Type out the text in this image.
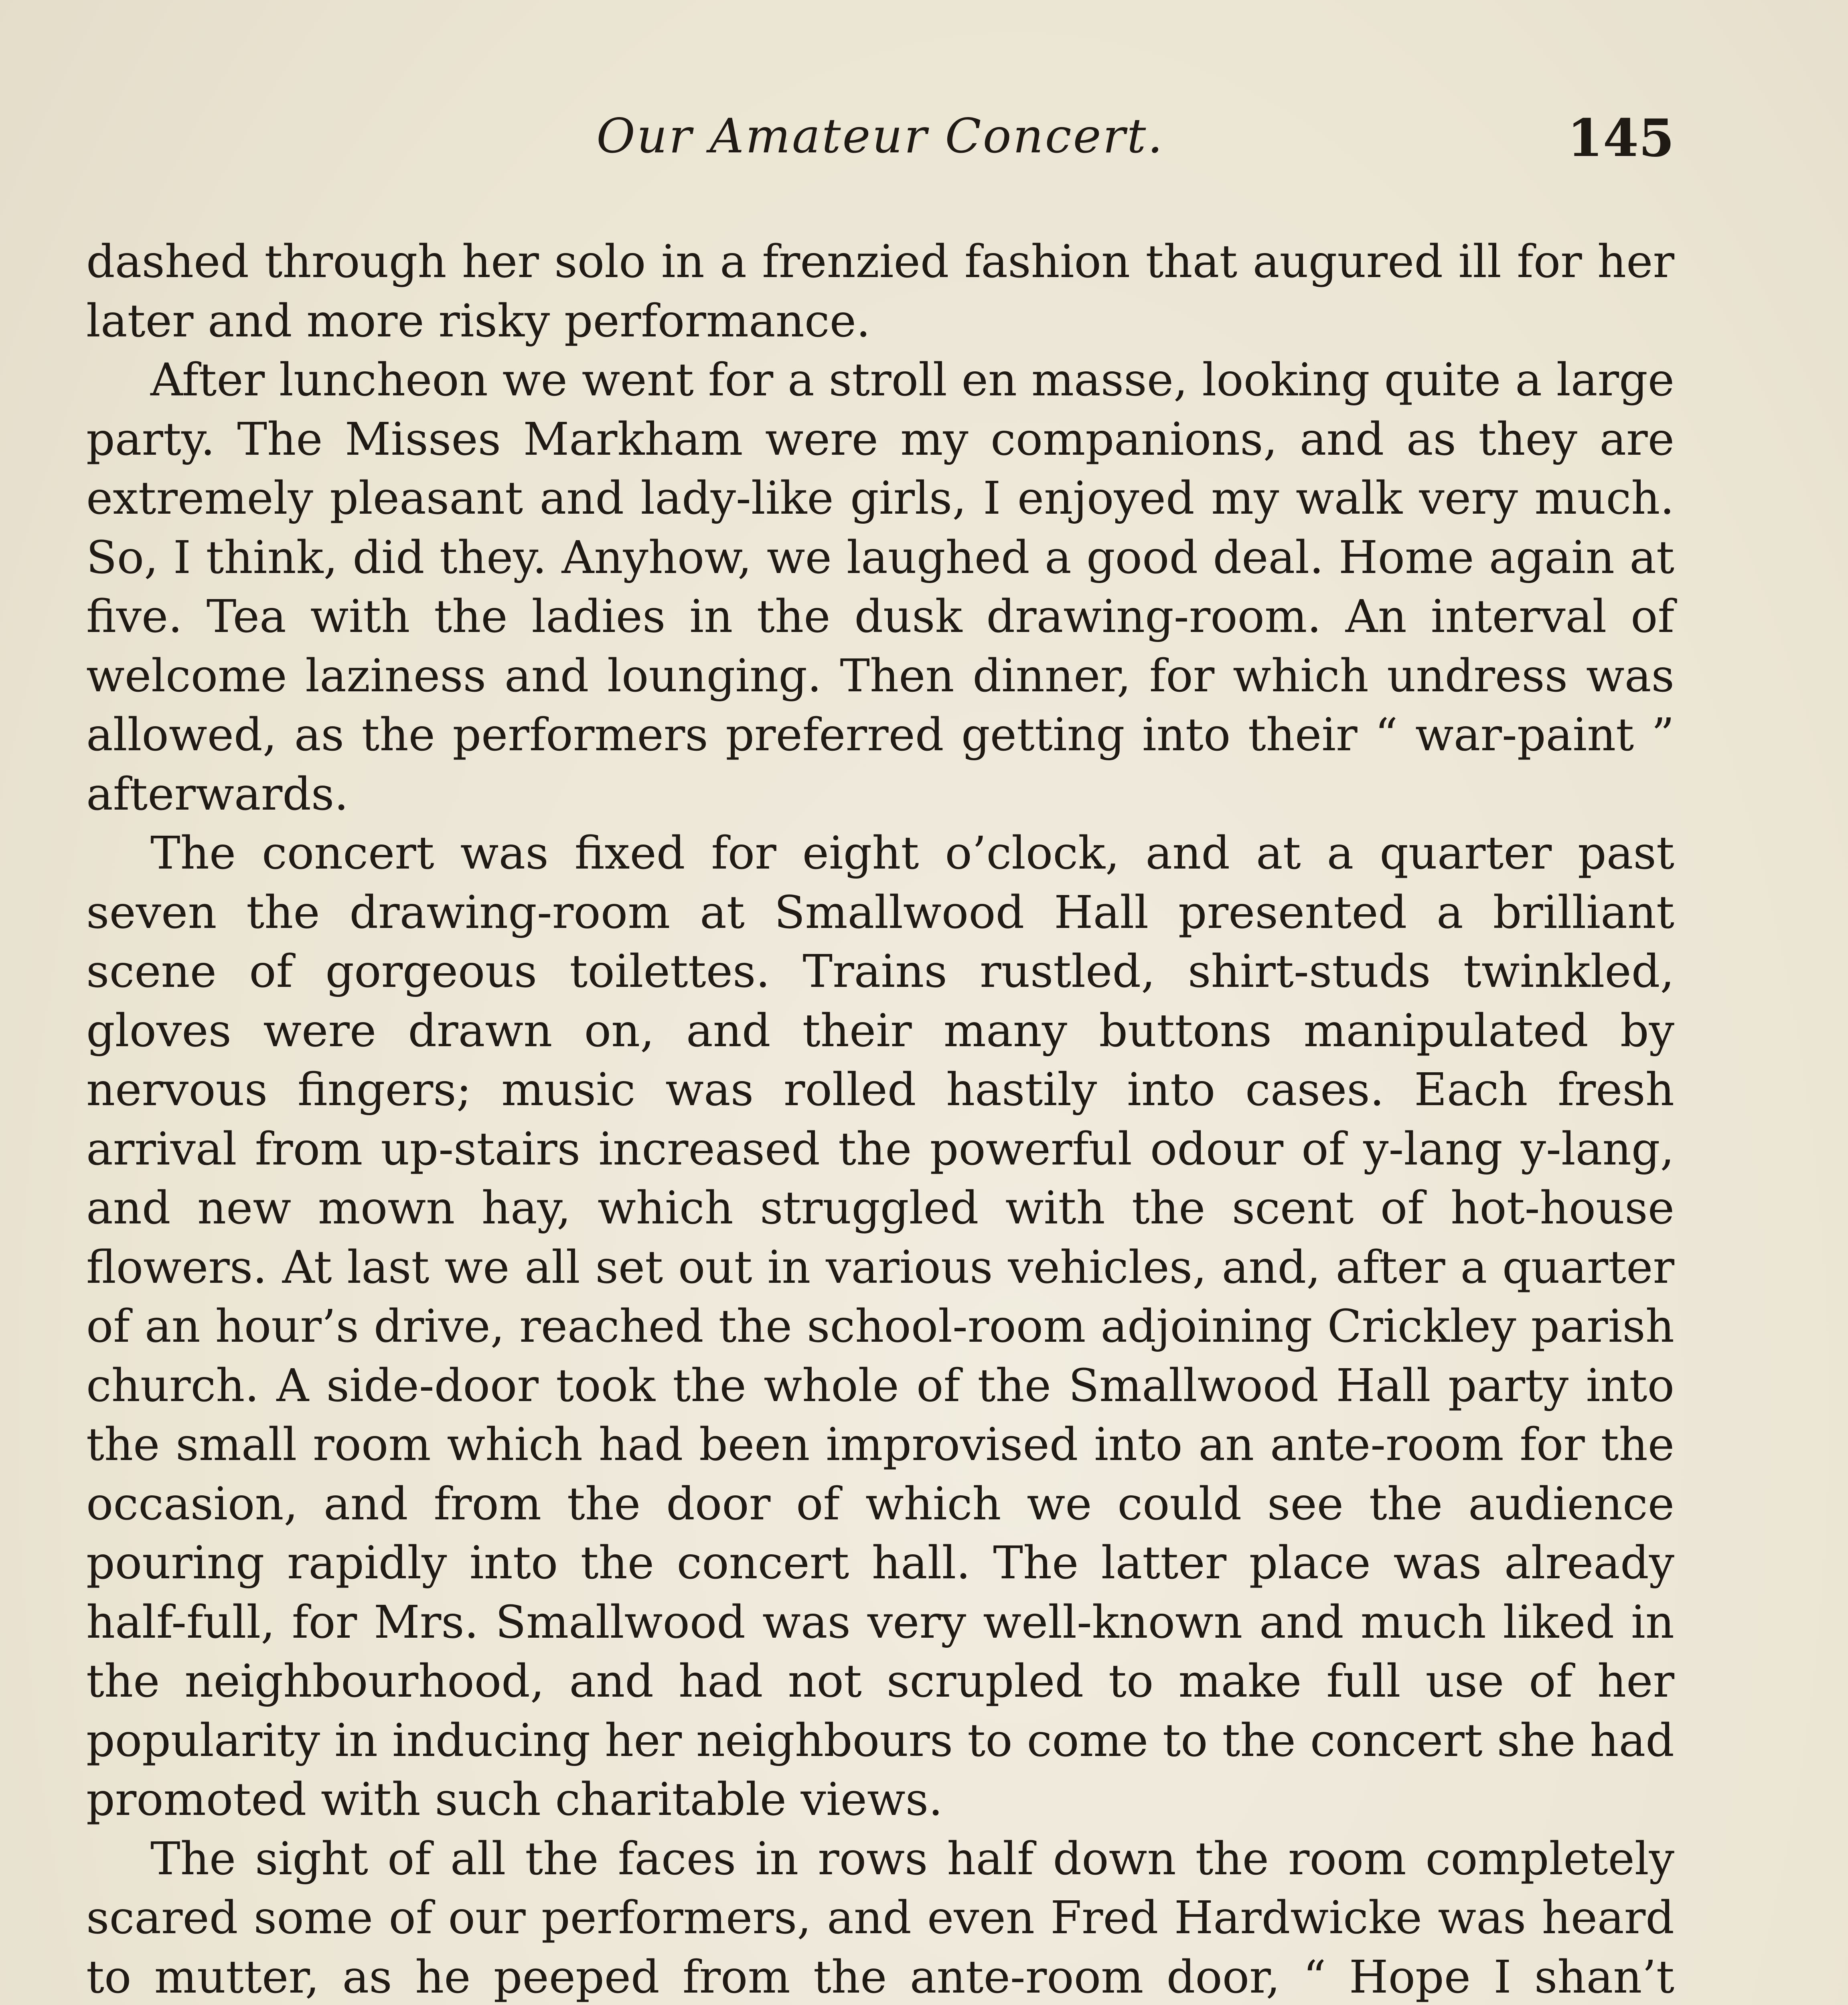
Our Amateur Concert.	145

dashed through her solo in a frenzied fashion that augured ill for her later and more risky performance.

After luncheon we went for a stroll en masse, looking quite a large party. The Misses Markham were my companions, and as they are extremely pleasant and lady-like girls, I enjoyed my walk very much. So, I think, did they. Anyhow, we laughed a good deal. Home again at five. Tea with the ladies in the dusk drawing-room. An interval of welcome laziness and lounging. Then dinner, for which undress was allowed, as the performers preferred getting into their “ war-paint ” afterwards.

The concert was fixed for eight o’clock, and at a quarter past seven the drawing-room at Smallwood Hall presented a brilliant scene of gorgeous toilettes. Trains rustled, shirt-studs twinkled, gloves were drawn on, and their many buttons manipulated by nervous fingers; music was rolled hastily into cases. Each fresh arrival from up-stairs increased the powerful odour of y-lang y-lang, and new mown hay, which struggled with the scent of hot-house flowers. At last we all set out in various vehicles, and, after a quarter of an hour’s drive, reached the school-room adjoining Crickley parish church. A side-door took the whole of the Smallwood Hall party into the small room which had been improvised into an ante-room for the occasion, and from the door of which we could see the audience pouring rapidly into the concert hall. The latter place was already half-full, for Mrs. Smallwood was very well-known and much liked in the neighbourhood, and had not scrupled to make full use of her popularity in inducing her neighbours to come to the concert she had promoted with such charitable views.

The sight of all the faces in rows half down the room completely scared some of our performers, and even Fred Hardwicke was heard to mutter, as he peeped from the ante-room door, “ Hope I shan’t
